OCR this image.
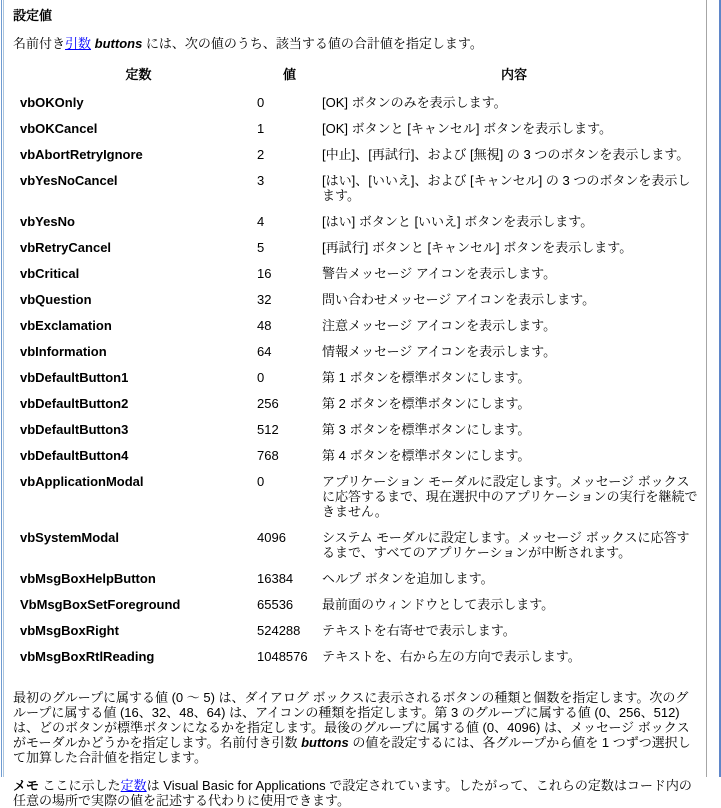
設定値

名前付き引数 buttons には、次の値のうち、該当する値の合計値を指定します。

定数	値	内容
vbOKOnly	0	[OK] ボタンのみを表示します。
vbOKCancel	1	[OK] ボタンと [キャンセル] ボタンを表示します。
vbAbortRetryIgnore	2	[中止]、[再試行]、および [無視] の 3 つのボタンを表示します。
vbYesNoCancel	3	[はい]、[いいえ]、および [キャンセル] の 3 つのボタンを表示します。
vbYesNo	4	[はい] ボタンと [いいえ] ボタンを表示します。
vbRetryCancel	5	[再試行] ボタンと [キャンセル] ボタンを表示します。
vbCritical	16	警告メッセージ アイコンを表示します。
vbQuestion	32	問い合わせメッセージ アイコンを表示します。
vbExclamation	48	注意メッセージ アイコンを表示します。
vbInformation	64	情報メッセージ アイコンを表示します。
vbDefaultButton1	0	第 1 ボタンを標準ボタンにします。
vbDefaultButton2	256	第 2 ボタンを標準ボタンにします。
vbDefaultButton3	512	第 3 ボタンを標準ボタンにします。
vbDefaultButton4	768	第 4 ボタンを標準ボタンにします。
vbApplicationModal	0	アプリケーション モーダルに設定します。メッセージ ボックスに応答するまで、現在選択中のアプリケーションの実行を継続できません。
vbSystemModal	4096	システム モーダルに設定します。メッセージ ボックスに応答するまで、すべてのアプリケーションが中断されます。
vbMsgBoxHelpButton	16384	ヘルプ ボタンを追加します。
VbMsgBoxSetForeground	65536	最前面のウィンドウとして表示します。
vbMsgBoxRight	524288	テキストを右寄せで表示します。
vbMsgBoxRtlReading	1048576	テキストを、右から左の方向で表示します。

最初のグループに属する値 (0 ～ 5) は、ダイアログ ボックスに表示されるボタンの種類と個数を指定します。次のグループに属する値 (16、32、48、64) は、アイコンの種類を指定します。第 3 のグループに属する値 (0、256、512) は、どのボタンが標準ボタンになるかを指定します。最後のグループに属する値 (0、4096) は、メッセージ ボックスがモーダルかどうかを指定します。名前付き引数 buttons の値を設定するには、各グループから値を 1 つずつ選択して加算した合計値を指定します。

メモ ここに示した定数は Visual Basic for Applications で設定されています。したがって、これらの定数はコード内の任意の場所で実際の値を記述する代わりに使用できます。
